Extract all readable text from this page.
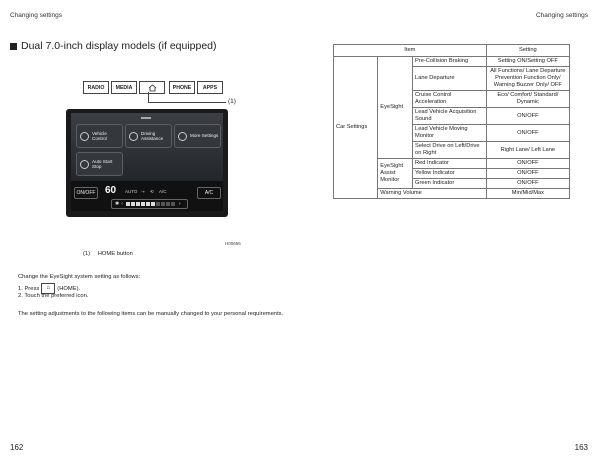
Changing settings	Changing settings
Dual 7.0-inch display models (if equipped)
RADIO	MEDIA	PHONE	APPS
(1)
Vehicle Control
Driving Assistance
More Settings
Auto Start Stop
ON/OFF 60 AUTO ⇢ ⟲ A/C
✱ ‹	›
A/C
H00656
(1) HOME button
Change the EyeSight system setting as follows:
1. Press	⌂	(HOME).
2. Touch the preferred icon.
The setting adjustments to the following items can be manually changed to your personal requirements.
Item			Setting
Car Settings	EyeSight	Pre-Collision Braking	Setting ON/Setting OFF
		Lane Departure	All Functions/ Lane Departure Prevention Function Only/ Warning Buzzer Only/ OFF
		Cruise Control Acceleration	Eco/ Comfort/ Standard/ Dynamic
		Lead Vehicle Acquisition Sound	ON/OFF
		Lead Vehicle Moving Monitor	ON/OFF
		Select Drive on Left/Drive on Right	Right Lane/ Left Lane
	EyeSight Assist Monitor	Red Indicator	ON/OFF
		Yellow Indicator	ON/OFF
		Green Indicator	ON/OFF
	Warning Volume		Min/Mid/Max
162	163
